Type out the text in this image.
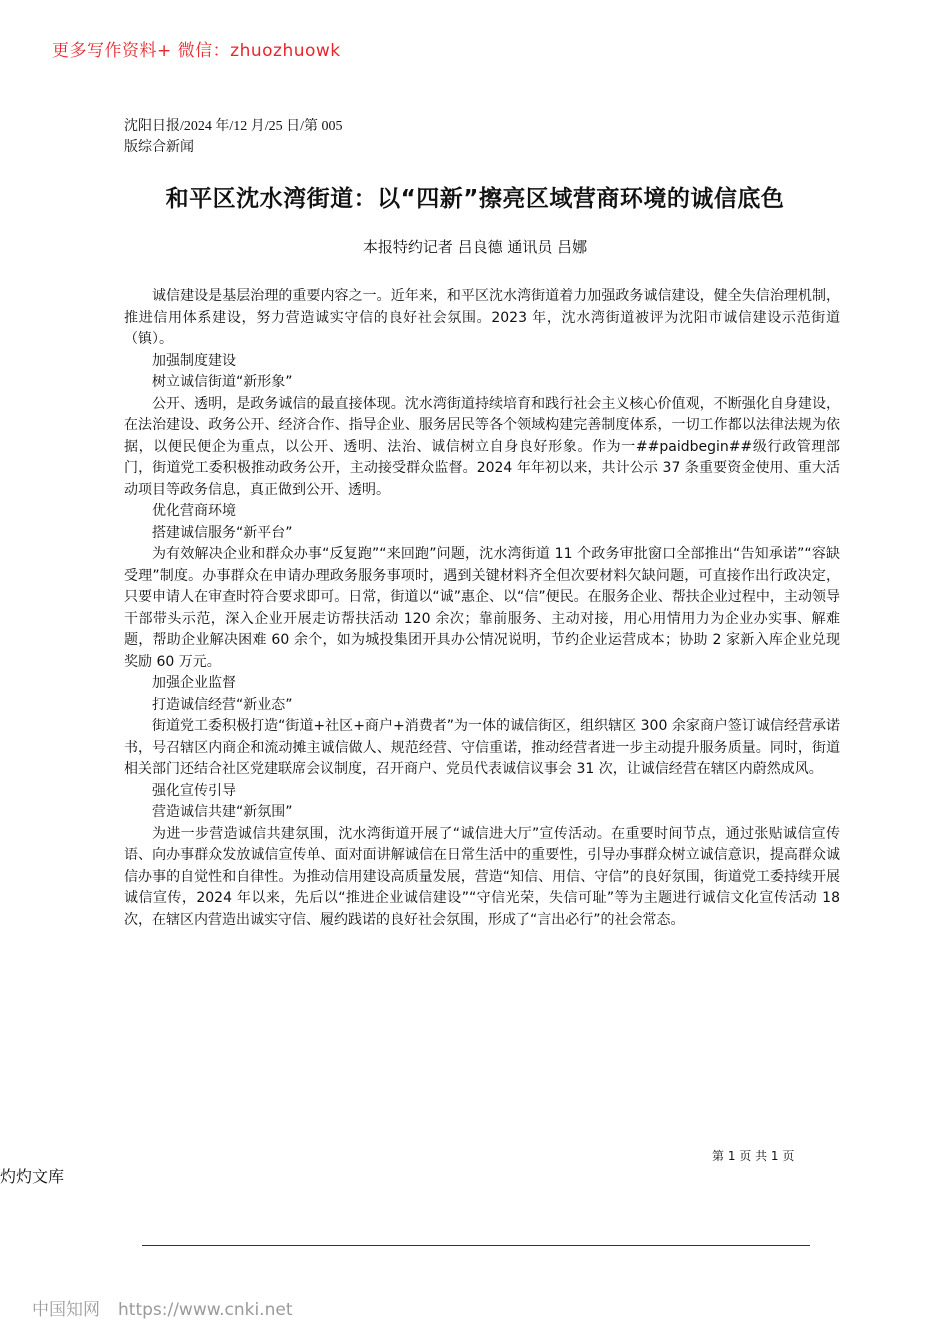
更多写作资料+ 微信：zhuozhuowk
沈阳日报/2024 年/12 月/25 日/第 005
版综合新闻
和平区沈水湾街道：以“四新”擦亮区域营商环境的诚信底色
本报特约记者 吕良德 通讯员 吕娜

诚信建设是基层治理的重要内容之一。近年来，和平区沈水湾街道着力加强政务诚信建设，健全失信治理机制，推进信用体系建设，努力营造诚实守信的良好社会氛围。2023 年，沈水湾街道被评为沈阳市诚信建设示范街道（镇）。

加强制度建设

树立诚信街道“新形象”

公开、透明，是政务诚信的最直接体现。沈水湾街道持续培育和践行社会主义核心价值观，不断强化自身建设，在法治建设、政务公开、经济合作、指导企业、服务居民等各个领域构建完善制度体系，一切工作都以法律法规为依据，以便民便企为重点，以公开、透明、法治、诚信树立自身良好形象。作为一##paidbegin##级行政管理部门，街道党工委积极推动政务公开，主动接受群众监督。2024 年年初以来，共计公示 37 条重要资金使用、重大活动项目等政务信息，真正做到公开、透明。

优化营商环境

搭建诚信服务“新平台”

为有效解决企业和群众办事“反复跑”“来回跑”问题，沈水湾街道 11 个政务审批窗口全部推出“告知承诺”“容缺受理”制度。办事群众在申请办理政务服务事项时，遇到关键材料齐全但次要材料欠缺问题，可直接作出行政决定，只要申请人在审查时符合要求即可。日常，街道以“诚”惠企、以“信”便民。在服务企业、帮扶企业过程中，主动领导干部带头示范，深入企业开展走访帮扶活动 120 余次；靠前服务、主动对接，用心用情用力为企业办实事、解难题，帮助企业解决困难 60 余个，如为城投集团开具办公情况说明，节约企业运营成本；协助 2 家新入库企业兑现奖励 60 万元。

加强企业监督

打造诚信经营“新业态”

街道党工委积极打造“街道+社区+商户+消费者”为一体的诚信街区，组织辖区 300 余家商户签订诚信经营承诺书，号召辖区内商企和流动摊主诚信做人、规范经营、守信重诺，推动经营者进一步主动提升服务质量。同时，街道相关部门还结合社区党建联席会议制度，召开商户、党员代表诚信议事会 31 次，让诚信经营在辖区内蔚然成风。

强化宣传引导

营造诚信共建“新氛围”

为进一步营造诚信共建氛围，沈水湾街道开展了“诚信进大厅”宣传活动。在重要时间节点，通过张贴诚信宣传语、向办事群众发放诚信宣传单、面对面讲解诚信在日常生活中的重要性，引导办事群众树立诚信意识，提高群众诚信办事的自觉性和自律性。为推动信用建设高质量发展，营造“知信、用信、守信”的良好氛围，街道党工委持续开展诚信宣传，2024 年以来，先后以“推进企业诚信建设”“守信光荣，失信可耻”等为主题进行诚信文化宣传活动 18 次，在辖区内营造出诚实守信、履约践诺的良好社会氛围，形成了“言出必行”的社会常态。

第 1 页 共 1 页
灼灼文库
中国知网 https://www.cnki.net
